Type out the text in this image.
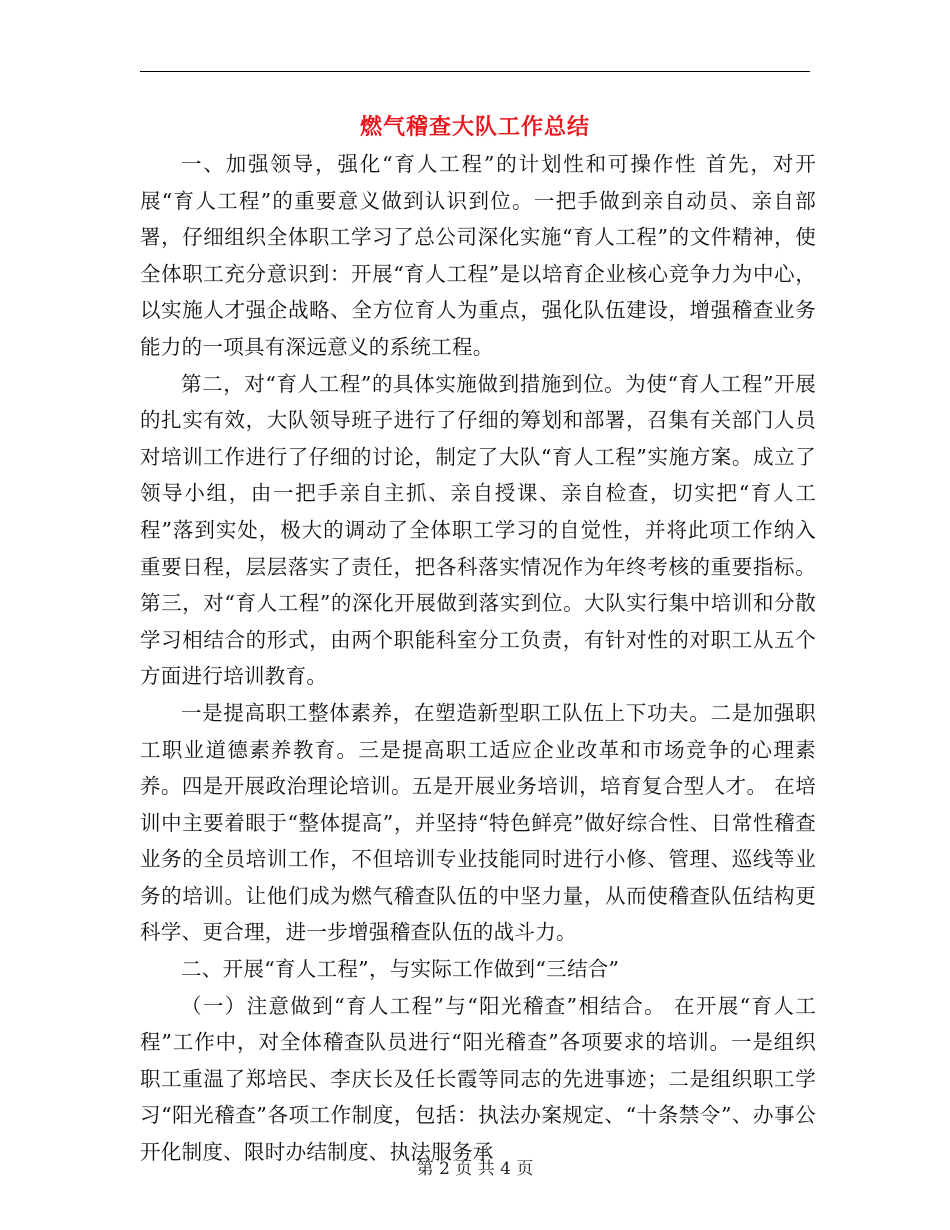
燃气稽查大队工作总结

一、加强领导，强化“育人工程”的计划性和可操作性 首先，对开展“育人工程”的重要意义做到认识到位。一把手做到亲自动员、亲自部署，仔细组织全体职工学习了总公司深化实施“育人工程”的文件精神，使全体职工充分意识到：开展“育人工程”是以培育企业核心竞争力为中心，以实施人才强企战略、全方位育人为重点，强化队伍建设，增强稽查业务能力的一项具有深远意义的系统工程。

第二，对“育人工程”的具体实施做到措施到位。为使“育人工程”开展的扎实有效，大队领导班子进行了仔细的筹划和部署，召集有关部门人员对培训工作进行了仔细的讨论，制定了大队“育人工程”实施方案。成立了领导小组，由一把手亲自主抓、亲自授课、亲自检查，切实把“育人工程”落到实处，极大的调动了全体职工学习的自觉性，并将此项工作纳入重要日程，层层落实了责任，把各科落实情况作为年终考核的重要指标。 第三，对“育人工程”的深化开展做到落实到位。大队实行集中培训和分散学习相结合的形式，由两个职能科室分工负责，有针对性的对职工从五个方面进行培训教育。

一是提高职工整体素养，在塑造新型职工队伍上下功夫。二是加强职工职业道德素养教育。三是提高职工适应企业改革和市场竞争的心理素养。四是开展政治理论培训。五是开展业务培训，培育复合型人才。 在培训中主要着眼于“整体提高”，并坚持“特色鲜亮”做好综合性、日常性稽查业务的全员培训工作，不但培训专业技能同时进行小修、管理、巡线等业务的培训。让他们成为燃气稽查队伍的中坚力量，从而使稽查队伍结构更科学、更合理，进一步增强稽查队伍的战斗力。

二、开展“育人工程”，与实际工作做到“三结合”

（一）注意做到“育人工程”与“阳光稽查”相结合。 在开展“育人工程”工作中，对全体稽查队员进行“阳光稽查”各项要求的培训。一是组织职工重温了郑培民、李庆长及任长霞等同志的先进事迹；二是组织职工学习“阳光稽查”各项工作制度，包括：执法办案规定、“十条禁令”、办事公开化制度、限时办结制度、执法服务承

第 2 页 共 4 页
